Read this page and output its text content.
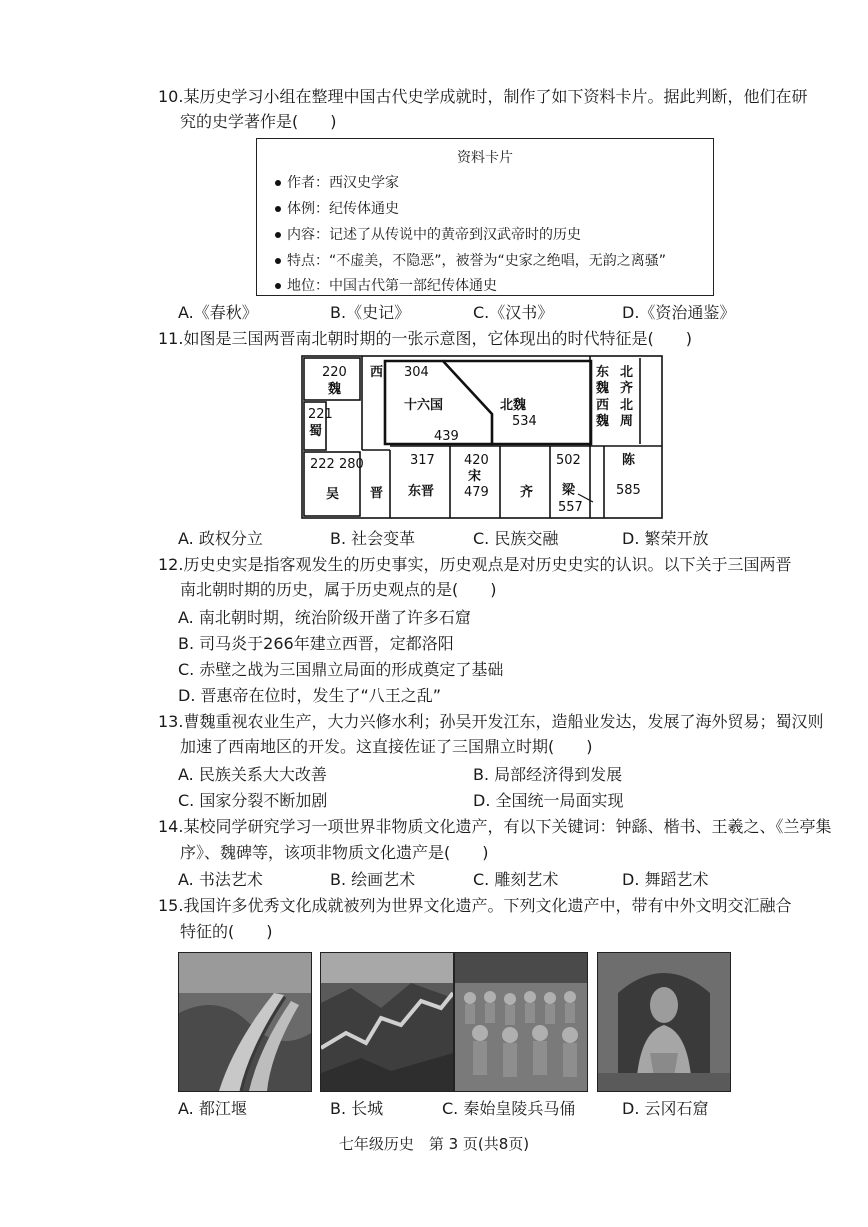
10.某历史学习小组在整理中国古代史学成就时，制作了如下资料卡片。据此判断，他们在研
究的史学著作是(　　)
资料卡片
作者：西汉史学家
体例：纪传体通史
内容：记述了从传说中的黄帝到汉武帝时的历史
特点：“不虚美，不隐恶”，被誉为“史家之绝唱，无韵之离骚”
地位：中国古代第一部纪传体通史
A.《春秋》	B.《史记》	C.《汉书》	D.《资治通鉴》
11.如图是三国两晋南北朝时期的一张示意图，它体现出的时代特征是(　　)
220
魏
221
蜀
222 280
吴
西
晋
304
十六国
439
北魏
534
东
魏
西
魏
北
齐
北
周
317
东晋
420
宋
479 齐
502
梁
557
陈
585
A. 政权分立	B. 社会变革	C. 民族交融	D. 繁荣开放
12.历史史实是指客观发生的历史事实，历史观点是对历史史实的认识。以下关于三国两晋
南北朝时期的历史，属于历史观点的是(　　)
A. 南北朝时期，统治阶级开凿了许多石窟
B. 司马炎于266年建立西晋，定都洛阳
C. 赤壁之战为三国鼎立局面的形成奠定了基础
D. 晋惠帝在位时，发生了“八王之乱”
13.曹魏重视农业生产，大力兴修水利；孙吴开发江东，造船业发达，发展了海外贸易；蜀汉则
加速了西南地区的开发。这直接佐证了三国鼎立时期(　　)
A. 民族关系大大改善	B. 局部经济得到发展
C. 国家分裂不断加剧	D. 全国统一局面实现
14.某校同学研究学习一项世界非物质文化遗产，有以下关键词：钟繇、楷书、王羲之、《兰亭集
序》、魏碑等，该项非物质文化遗产是(　　)
A. 书法艺术	B. 绘画艺术	C. 雕刻艺术	D. 舞蹈艺术
15.我国许多优秀文化成就被列为世界文化遗产。下列文化遗产中，带有中外文明交汇融合
特征的(　　)
A. 都江堰	B. 长城	C. 秦始皇陵兵马俑	D. 云冈石窟
七年级历史　第 3 页(共8页)
